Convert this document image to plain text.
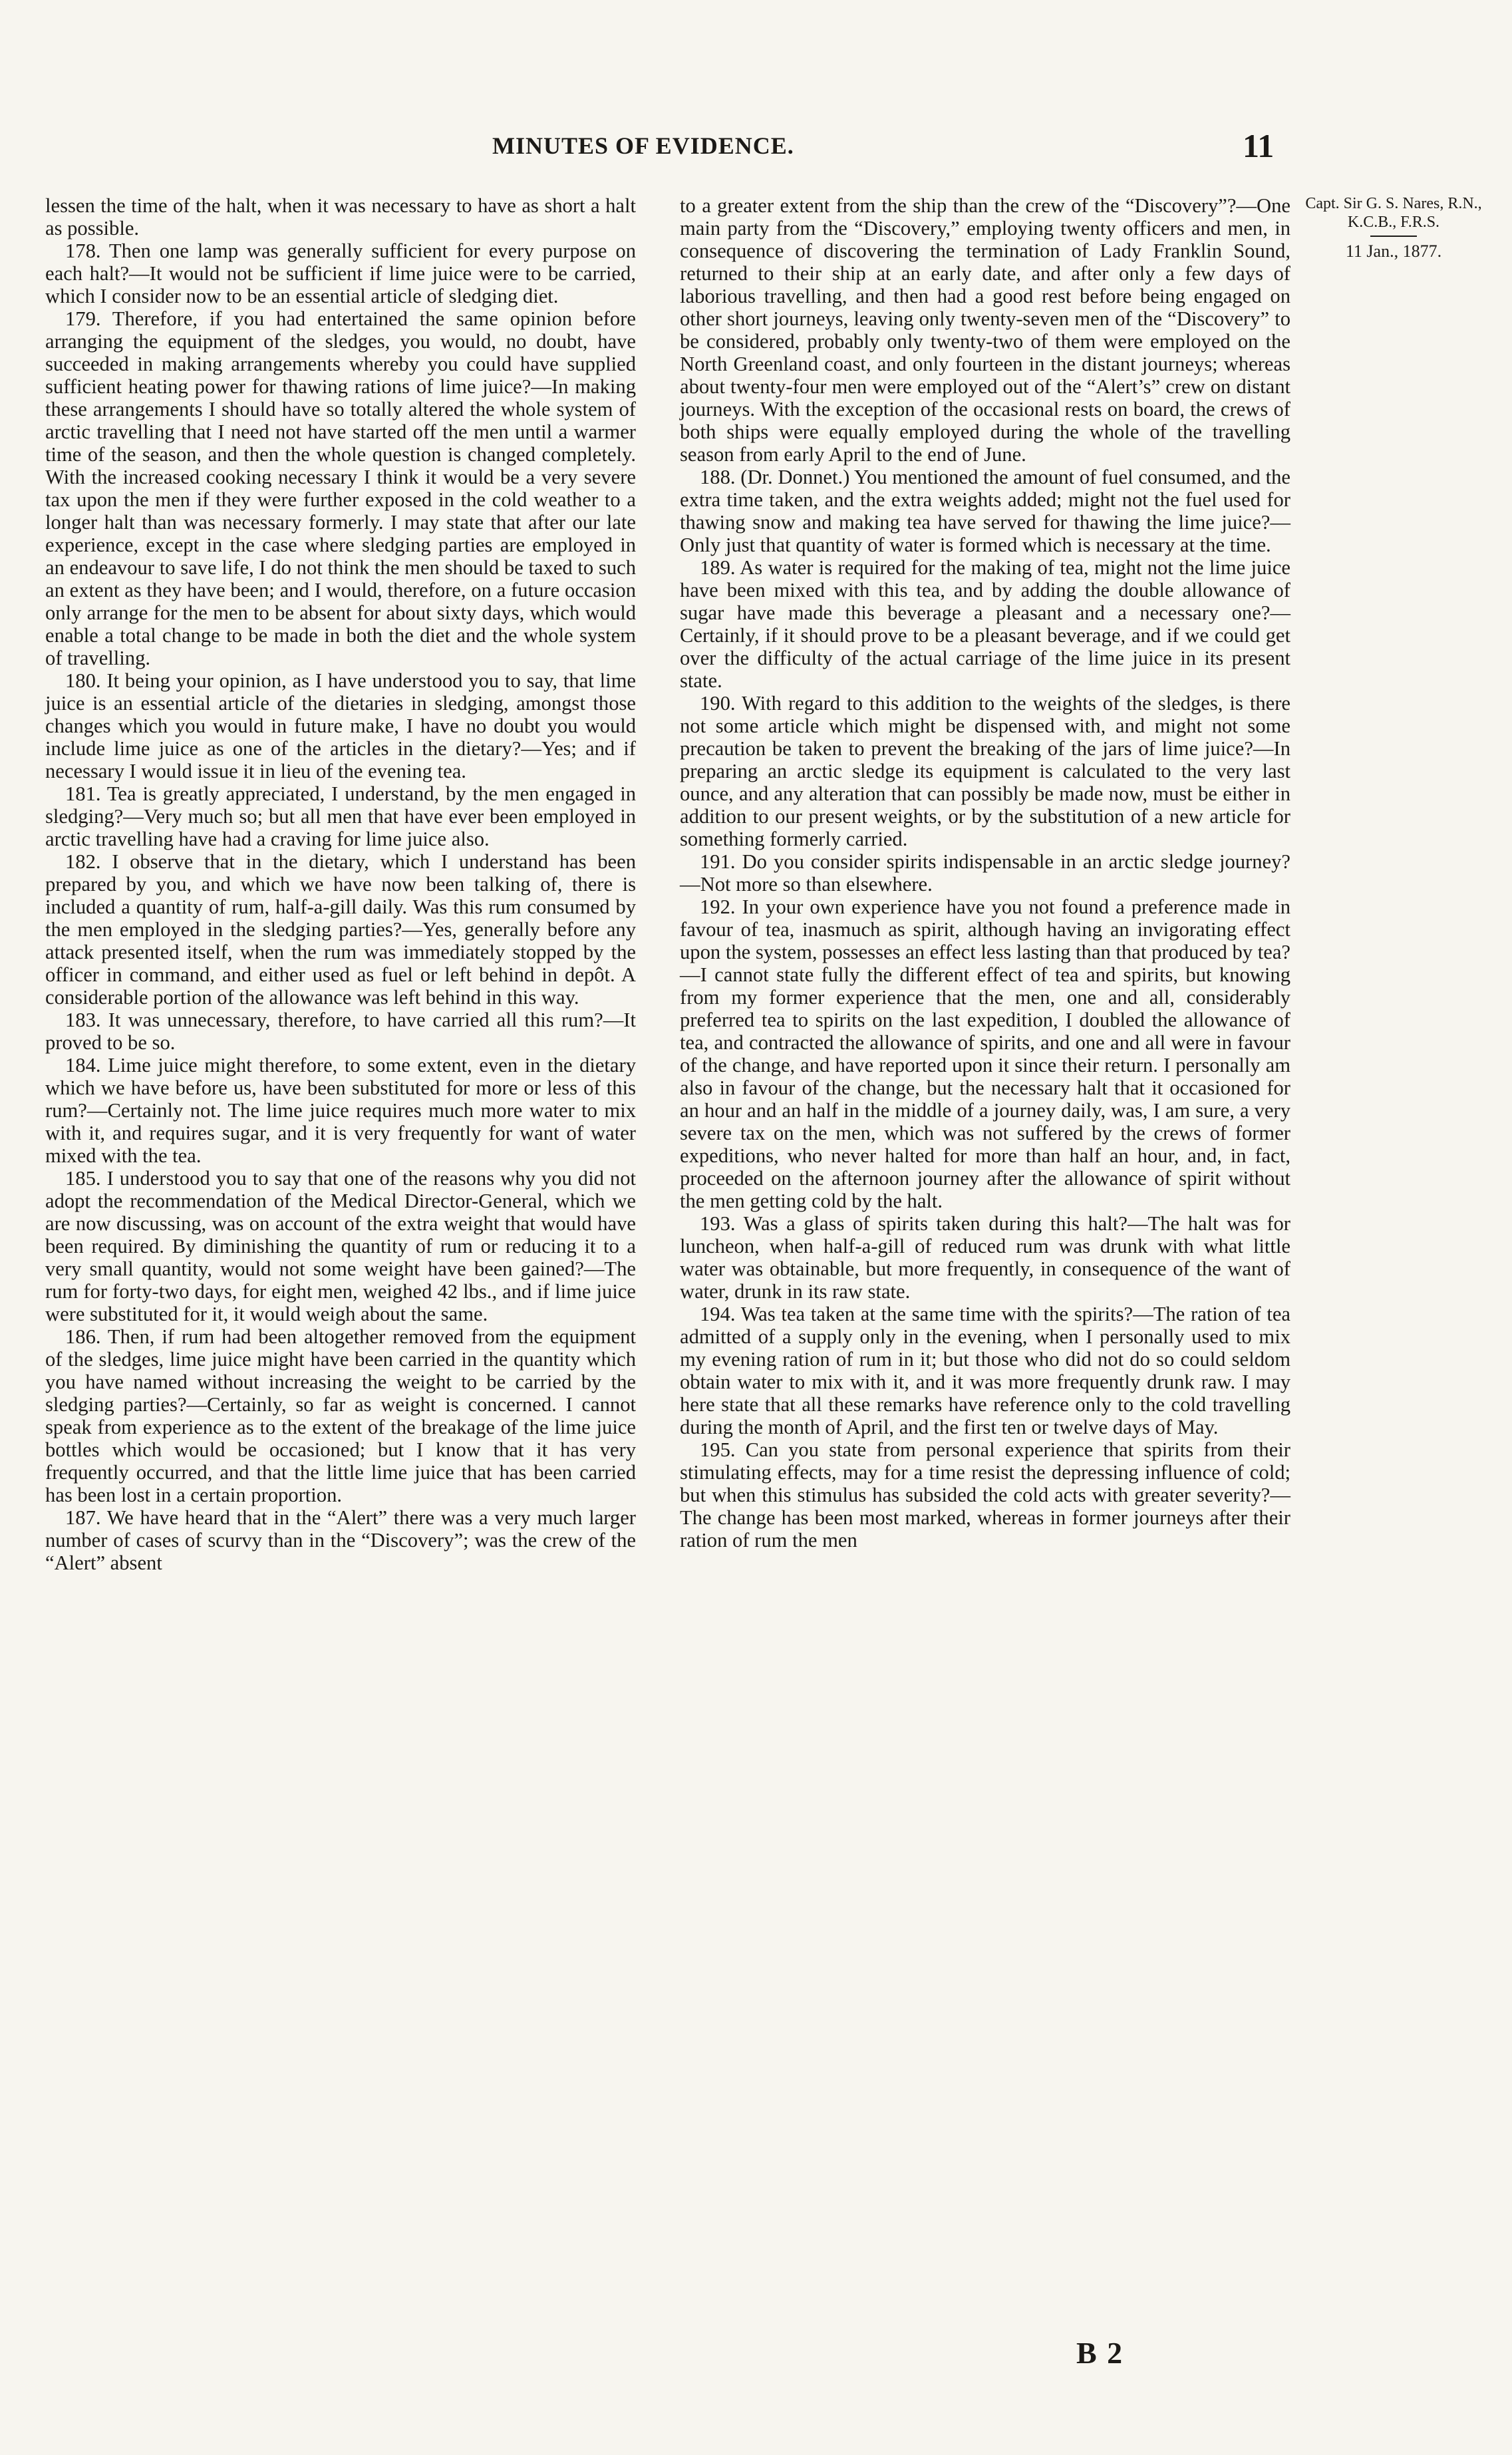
MINUTES OF EVIDENCE.	11

lessen the time of the halt, when it was necessary to have as short a halt as possible.

178. Then one lamp was generally sufficient for every purpose on each halt?—It would not be sufficient if lime juice were to be carried, which I consider now to be an essential article of sledging diet.

179. Therefore, if you had entertained the same opinion before arranging the equipment of the sledges, you would, no doubt, have succeeded in making arrangements whereby you could have supplied sufficient heating power for thawing rations of lime juice?—In making these arrangements I should have so totally altered the whole system of arctic travelling that I need not have started off the men until a warmer time of the season, and then the whole question is changed completely. With the increased cooking necessary I think it would be a very severe tax upon the men if they were further exposed in the cold weather to a longer halt than was necessary formerly. I may state that after our late experience, except in the case where sledging parties are employed in an endeavour to save life, I do not think the men should be taxed to such an extent as they have been; and I would, therefore, on a future occasion only arrange for the men to be absent for about sixty days, which would enable a total change to be made in both the diet and the whole system of travelling.

180. It being your opinion, as I have understood you to say, that lime juice is an essential article of the dietaries in sledging, amongst those changes which you would in future make, I have no doubt you would include lime juice as one of the articles in the dietary?—Yes; and if necessary I would issue it in lieu of the evening tea.

181. Tea is greatly appreciated, I understand, by the men engaged in sledging?—Very much so; but all men that have ever been employed in arctic travelling have had a craving for lime juice also.

182. I observe that in the dietary, which I understand has been prepared by you, and which we have now been talking of, there is included a quantity of rum, half-a-gill daily. Was this rum consumed by the men employed in the sledging parties?—Yes, generally before any attack presented itself, when the rum was immediately stopped by the officer in command, and either used as fuel or left behind in depôt. A considerable portion of the allowance was left behind in this way.

183. It was unnecessary, therefore, to have carried all this rum?—It proved to be so.

184. Lime juice might therefore, to some extent, even in the dietary which we have before us, have been substituted for more or less of this rum?—Certainly not. The lime juice requires much more water to mix with it, and requires sugar, and it is very frequently for want of water mixed with the tea.

185. I understood you to say that one of the reasons why you did not adopt the recommendation of the Medical Director-General, which we are now discussing, was on account of the extra weight that would have been required. By diminishing the quantity of rum or reducing it to a very small quantity, would not some weight have been gained?—The rum for forty-two days, for eight men, weighed 42 lbs., and if lime juice were substituted for it, it would weigh about the same.

186. Then, if rum had been altogether removed from the equipment of the sledges, lime juice might have been carried in the quantity which you have named without increasing the weight to be carried by the sledging parties?—Certainly, so far as weight is concerned. I cannot speak from experience as to the extent of the breakage of the lime juice bottles which would be occasioned; but I know that it has very frequently occurred, and that the little lime juice that has been carried has been lost in a certain proportion.

187. We have heard that in the “Alert” there was a very much larger number of cases of scurvy than in the “Discovery”; was the crew of the “Alert” absent

to a greater extent from the ship than the crew of the “Discovery”?—One main party from the “Discovery,” employing twenty officers and men, in consequence of discovering the termination of Lady Franklin Sound, returned to their ship at an early date, and after only a few days of laborious travelling, and then had a good rest before being engaged on other short journeys, leaving only twenty-seven men of the “Discovery” to be considered, probably only twenty-two of them were employed on the North Greenland coast, and only fourteen in the distant journeys; whereas about twenty-four men were employed out of the “Alert’s” crew on distant journeys. With the exception of the occasional rests on board, the crews of both ships were equally employed during the whole of the travelling season from early April to the end of June.

188. (Dr. Donnet.) You mentioned the amount of fuel consumed, and the extra time taken, and the extra weights added; might not the fuel used for thawing snow and making tea have served for thawing the lime juice?—Only just that quantity of water is formed which is necessary at the time.

189. As water is required for the making of tea, might not the lime juice have been mixed with this tea, and by adding the double allowance of sugar have made this beverage a pleasant and a necessary one?—Certainly, if it should prove to be a pleasant beverage, and if we could get over the difficulty of the actual carriage of the lime juice in its present state.

190. With regard to this addition to the weights of the sledges, is there not some article which might be dispensed with, and might not some precaution be taken to prevent the breaking of the jars of lime juice?—In preparing an arctic sledge its equipment is calculated to the very last ounce, and any alteration that can possibly be made now, must be either in addition to our present weights, or by the substitution of a new article for something formerly carried.

191. Do you consider spirits indispensable in an arctic sledge journey?—Not more so than elsewhere.

192. In your own experience have you not found a preference made in favour of tea, inasmuch as spirit, although having an invigorating effect upon the system, possesses an effect less lasting than that produced by tea?—I cannot state fully the different effect of tea and spirits, but knowing from my former experience that the men, one and all, considerably preferred tea to spirits on the last expedition, I doubled the allowance of tea, and contracted the allowance of spirits, and one and all were in favour of the change, and have reported upon it since their return. I personally am also in favour of the change, but the necessary halt that it occasioned for an hour and an half in the middle of a journey daily, was, I am sure, a very severe tax on the men, which was not suffered by the crews of former expeditions, who never halted for more than half an hour, and, in fact, proceeded on the afternoon journey after the allowance of spirit without the men getting cold by the halt.

193. Was a glass of spirits taken during this halt?—The halt was for luncheon, when half-a-gill of reduced rum was drunk with what little water was obtainable, but more frequently, in consequence of the want of water, drunk in its raw state.

194. Was tea taken at the same time with the spirits?—The ration of tea admitted of a supply only in the evening, when I personally used to mix my evening ration of rum in it; but those who did not do so could seldom obtain water to mix with it, and it was more frequently drunk raw. I may here state that all these remarks have reference only to the cold travelling during the month of April, and the first ten or twelve days of May.

195. Can you state from personal experience that spirits from their stimulating effects, may for a time resist the depressing influence of cold; but when this stimulus has subsided the cold acts with greater severity?—The change has been most marked, whereas in former journeys after their ration of rum the men

Capt. Sir G. S. Nares, R.N., K.C.B., F.R.S.
11 Jan., 1877.
B 2
